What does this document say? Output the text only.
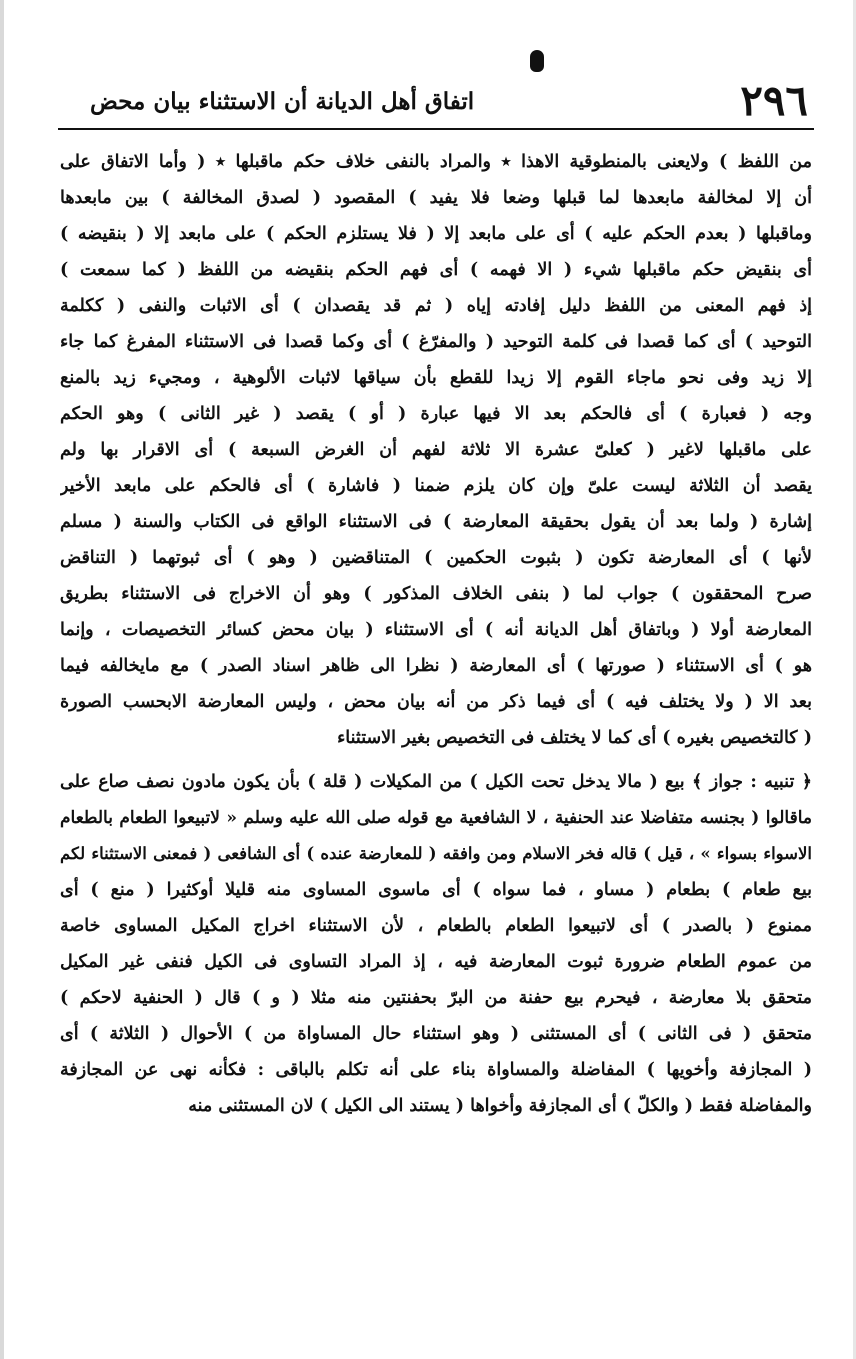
٢٩٦
اتفاق أهل الديانة أن الاستثناء بيان محض
من اللفظ ) ولايعنى بالمنطوقية الاهذا ٭ والمراد بالنفى خلاف حكم ماقبلها ٭ ( وأما الاتفاق على
أن إلا لمخالفة مابعدها لما قبلها وضعا فلا يفيد ) المقصود ( لصدق المخالفة ) بين مابعدها
وماقبلها ( بعدم الحكم عليه ) أى على مابعد إلا ( فلا يستلزم الحكم ) على مابعد إلا ( بنقيضه )
أى بنقيض حكم ماقبلها شيء ( الا فهمه ) أى فهم الحكم بنقيضه من اللفظ ( كما سمعت )
إذ فهم المعنى من اللفظ دليل إفادته إياه ( ثم قد يقصدان ) أى الاثبات والنفى ( ككلمة
التوحيد ) أى كما قصدا فى كلمة التوحيد ( والمفرّغ ) أى وكما قصدا فى الاستثناء المفرغ كما جاء
إلا زيد وفى نحو ماجاء القوم إلا زيدا للقطع بأن سياقها لاثبات الألوهية ، ومجيء زيد بالمنع
وجه ( فعبارة ) أى فالحكم بعد الا فيها عبارة ( أو ) يقصد ( غير الثانى ) وهو الحكم
على ماقبلها لاغير ( كعلىّ عشرة الا ثلاثة لفهم أن الغرض السبعة ) أى الاقرار بها ولم
يقصد أن الثلاثة ليست علىّ وإن كان يلزم ضمنا ( فاشارة ) أى فالحكم على مابعد الأخير
إشارة ( ولما بعد أن يقول بحقيقة المعارضة ) فى الاستثناء الواقع فى الكتاب والسنة ( مسلم
لأنها ) أى المعارضة تكون ( بثبوت الحكمين ) المتناقضين ( وهو ) أى ثبوتهما ( التناقض
صرح المحققون ) جواب لما ( بنفى الخلاف المذكور ) وهو أن الاخراج فى الاستثناء بطريق
المعارضة أولا ( وباتفاق أهل الديانة أنه ) أى الاستثناء ( بيان محض كسائر التخصيصات ، وإنما
هو ) أى الاستثناء ( صورتها ) أى المعارضة ( نظرا الى ظاهر اسناد الصدر ) مع مايخالفه فيما
بعد الا ( ولا يختلف فيه ) أى فيما ذكر من أنه بيان محض ، وليس المعارضة الابحسب الصورة
( كالتخصيص بغيره ) أى كما لا يختلف فى التخصيص بغير الاستثناء
﴿ تنبيه : جواز ﴾ بيع ( مالا يدخل تحت الكيل ) من المكيلات ( قلة ) بأن يكون مادون نصف صاع على
ماقالوا ( بجنسه متفاضلا عند الحنفية ، لا الشافعية مع قوله صلى الله عليه وسلم « لاتبيعوا الطعام بالطعام
الاسواء بسواء » ، قيل ) قاله فخر الاسلام ومن وافقه ( للمعارضة عنده ) أى الشافعى ( فمعنى الاستثناء لكم
بيع طعام ) بطعام ( مساو ، فما سواه ) أى ماسوى المساوى منه قليلا أوكثيرا ( منع ) أى
ممنوع ( بالصدر ) أى لاتبيعوا الطعام بالطعام ، لأن الاستثناء اخراج المكيل المساوى خاصة
من عموم الطعام ضرورة ثبوت المعارضة فيه ، إذ المراد التساوى فى الكيل فنفى غير المكيل
متحقق بلا معارضة ، فيحرم بيع حفنة من البرّ بحفنتين منه مثلا ( و ) قال ( الحنفية لاحكم )
متحقق ( فى الثانى ) أى المستثنى ( وهو استثناء حال المساواة من ) الأحوال ( الثلاثة ) أى
( المجازفة وأخويها ) المفاضلة والمساواة بناء على أنه تكلم بالباقى : فكأنه نهى عن المجازفة
والمفاضلة فقط ( والكلّ ) أى المجازفة وأخواها ( يستند الى الكيل ) لان المستثنى منه
